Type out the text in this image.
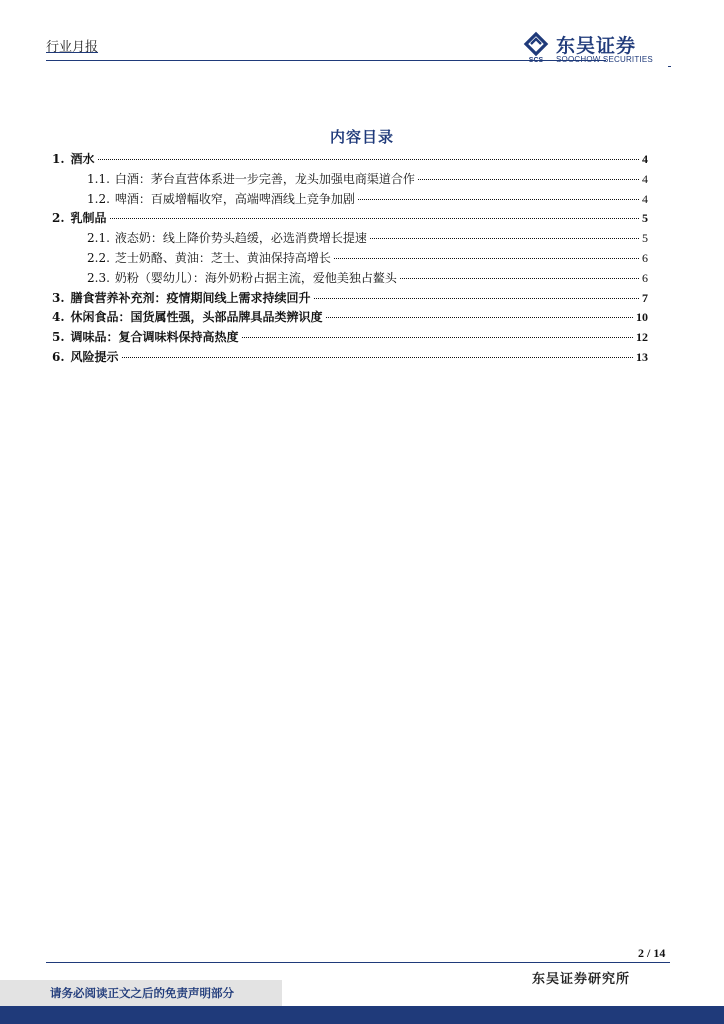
行业月报
SCS
东吴证券
SOOCHOW SECURITIES
内容目录
1. 酒水	4
1.1. 白酒：茅台直营体系进一步完善，龙头加强电商渠道合作	4
1.2. 啤酒：百威增幅收窄，高端啤酒线上竞争加剧	4
2. 乳制品	5
2.1. 液态奶：线上降价势头趋缓，必选消费增长提速	5
2.2. 芝士奶酪、黄油：芝士、黄油保持高增长	6
2.3. 奶粉（婴幼儿）：海外奶粉占据主流，爱他美独占鳌头	6
3. 膳食营养补充剂：疫情期间线上需求持续回升	7
4. 休闲食品：国货属性强，头部品牌具品类辨识度	10
5. 调味品：复合调味料保持高热度	12
6. 风险提示	13
2 / 14
东吴证券研究所
请务必阅读正文之后的免责声明部分
